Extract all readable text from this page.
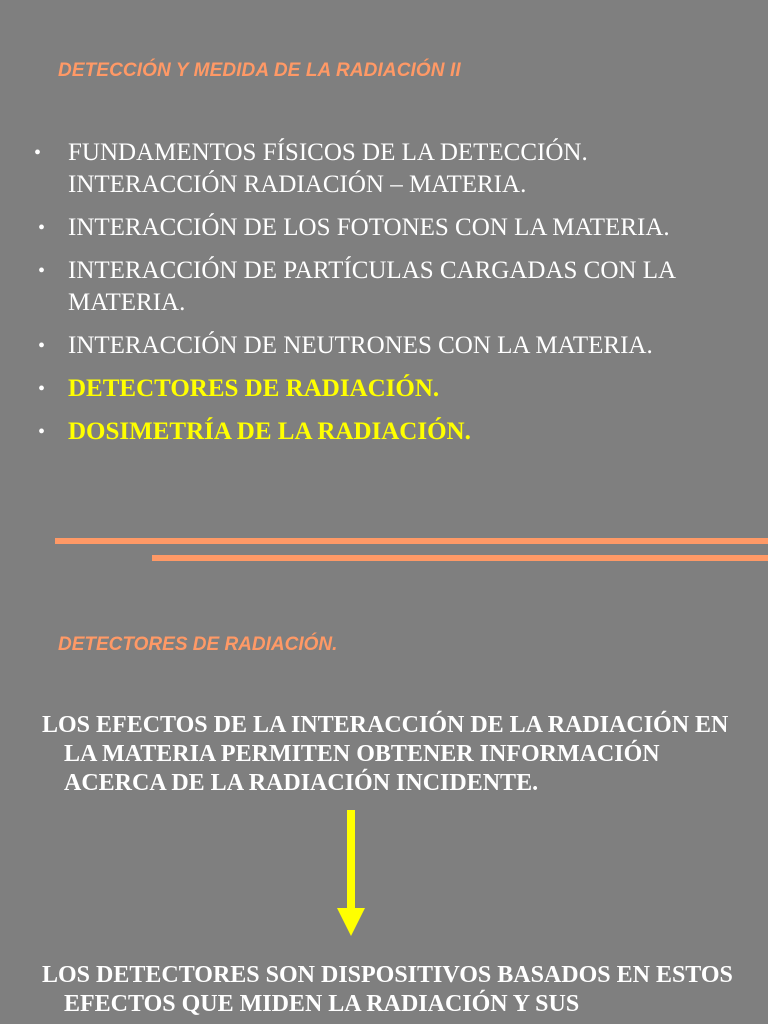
DETECCIÓN Y MEDIDA DE LA RADIACIÓN II
• FUNDAMENTOS FÍSICOS DE LA DETECCIÓN. INTERACCIÓN RADIACIÓN – MATERIA.
• INTERACCIÓN DE LOS FOTONES CON LA MATERIA.
• INTERACCIÓN DE PARTÍCULAS CARGADAS CON LA MATERIA.
• INTERACCIÓN DE NEUTRONES CON LA MATERIA.
• DETECTORES DE RADIACIÓN.
• DOSIMETRÍA DE LA RADIACIÓN.
DETECTORES DE RADIACIÓN.
LOS EFECTOS DE LA INTERACCIÓN DE LA RADIACIÓN EN LA MATERIA PERMITEN OBTENER INFORMACIÓN ACERCA DE LA RADIACIÓN INCIDENTE.
LOS DETECTORES SON DISPOSITIVOS BASADOS EN ESTOS EFECTOS QUE MIDEN LA RADIACIÓN Y SUS
